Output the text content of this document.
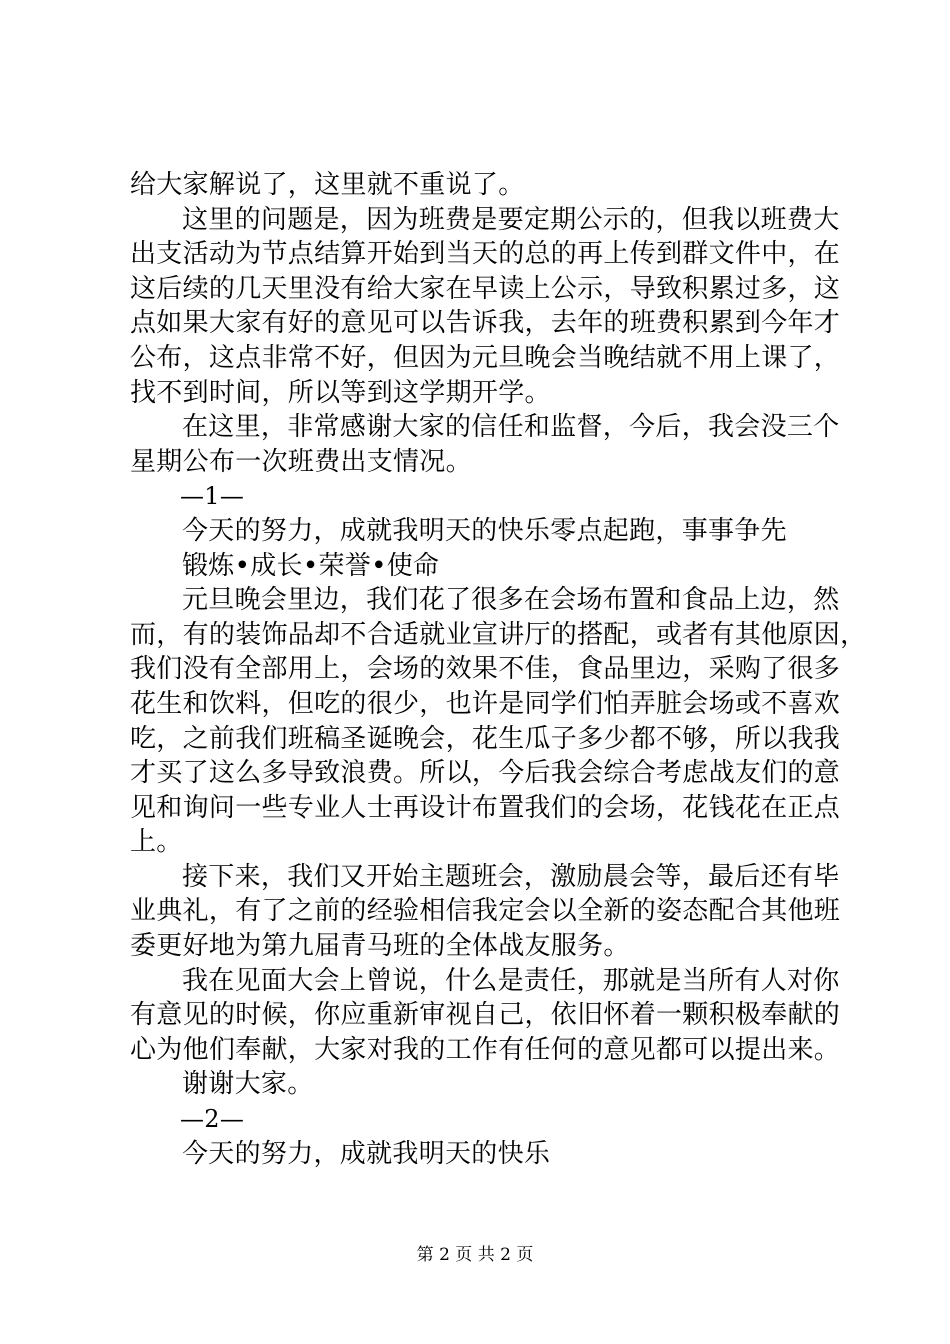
给大家解说了，这里就不重说了。
这里的问题是，因为班费是要定期公示的，但我以班费大
出支活动为节点结算开始到当天的总的再上传到群文件中，在
这后续的几天里没有给大家在早读上公示，导致积累过多，这
点如果大家有好的意见可以告诉我，去年的班费积累到今年才
公布，这点非常不好，但因为元旦晚会当晚结就不用上课了，
找不到时间，所以等到这学期开学。
在这里，非常感谢大家的信任和监督，今后，我会没三个
星期公布一次班费出支情况。
—1—
今天的努力，成就我明天的快乐零点起跑，事事争先
锻炼•成长•荣誉•使命
元旦晚会里边，我们花了很多在会场布置和食品上边，然
而，有的装饰品却不合适就业宣讲厅的搭配，或者有其他原因，
我们没有全部用上，会场的效果不佳，食品里边，采购了很多
花生和饮料，但吃的很少，也许是同学们怕弄脏会场或不喜欢
吃，之前我们班稿圣诞晚会，花生瓜子多少都不够，所以我我
才买了这么多导致浪费。所以，今后我会综合考虑战友们的意
见和询问一些专业人士再设计布置我们的会场，花钱花在正点
上。
接下来，我们又开始主题班会，激励晨会等，最后还有毕
业典礼，有了之前的经验相信我定会以全新的姿态配合其他班
委更好地为第九届青马班的全体战友服务。
我在见面大会上曾说，什么是责任，那就是当所有人对你
有意见的时候，你应重新审视自己，依旧怀着一颗积极奉献的
心为他们奉献，大家对我的工作有任何的意见都可以提出来。
谢谢大家。
—2—
今天的努力，成就我明天的快乐
第 2 页 共 2 页
